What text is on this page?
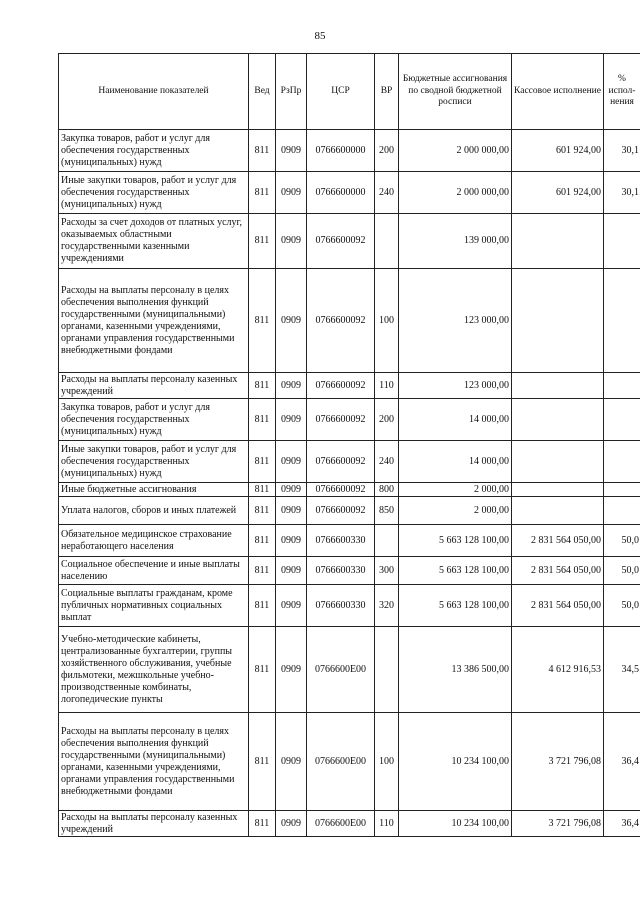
85
Наименование показателей	Вед	РзПр	ЦСР	ВР	Бюджетные ассигнования по сводной бюджетной росписи	Кассовое исполнение	% испол-нения
Закупка товаров, работ и услуг для обеспечения государственных (муниципальных) нужд	811	0909	0766600000	200	2 000 000,00	601 924,00	30,1
Иные закупки товаров, работ и услуг для обеспечения государственных (муниципальных) нужд	811	0909	0766600000	240	2 000 000,00	601 924,00	30,1
Расходы за счет доходов от платных услуг, оказываемых областными государственными казенными учреждениями	811	0909	0766600092		139 000,00		
Расходы на выплаты персоналу в целях обеспечения выполнения функций государственными (муниципальными) органами, казенными учреждениями, органами управления государственными внебюджетными фондами	811	0909	0766600092	100	123 000,00		
Расходы на выплаты персоналу казенных учреждений	811	0909	0766600092	110	123 000,00		
Закупка товаров, работ и услуг для обеспечения государственных (муниципальных) нужд	811	0909	0766600092	200	14 000,00		
Иные закупки товаров, работ и услуг для обеспечения государственных (муниципальных) нужд	811	0909	0766600092	240	14 000,00		
Иные бюджетные ассигнования	811	0909	0766600092	800	2 000,00		
Уплата налогов, сборов и иных платежей	811	0909	0766600092	850	2 000,00		
Обязательное медицинское страхование неработающего населения	811	0909	0766600330		5 663 128 100,00	2 831 564 050,00	50,0
Социальное обеспечение и иные выплаты населению	811	0909	0766600330	300	5 663 128 100,00	2 831 564 050,00	50,0
Социальные выплаты гражданам, кроме публичных нормативных социальных выплат	811	0909	0766600330	320	5 663 128 100,00	2 831 564 050,00	50,0
Учебно-методические кабинеты, централизованные бухгалтерии, группы хозяйственного обслуживания, учебные фильмотеки, межшкольные учебно-производственные комбинаты, логопедические пункты	811	0909	0766600Е00		13 386 500,00	4 612 916,53	34,5
Расходы на выплаты персоналу в целях обеспечения выполнения функций государственными (муниципальными) органами, казенными учреждениями, органами управления государственными внебюджетными фондами	811	0909	0766600Е00	100	10 234 100,00	3 721 796,08	36,4
Расходы на выплаты персоналу казенных учреждений	811	0909	0766600Е00	110	10 234 100,00	3 721 796,08	36,4
